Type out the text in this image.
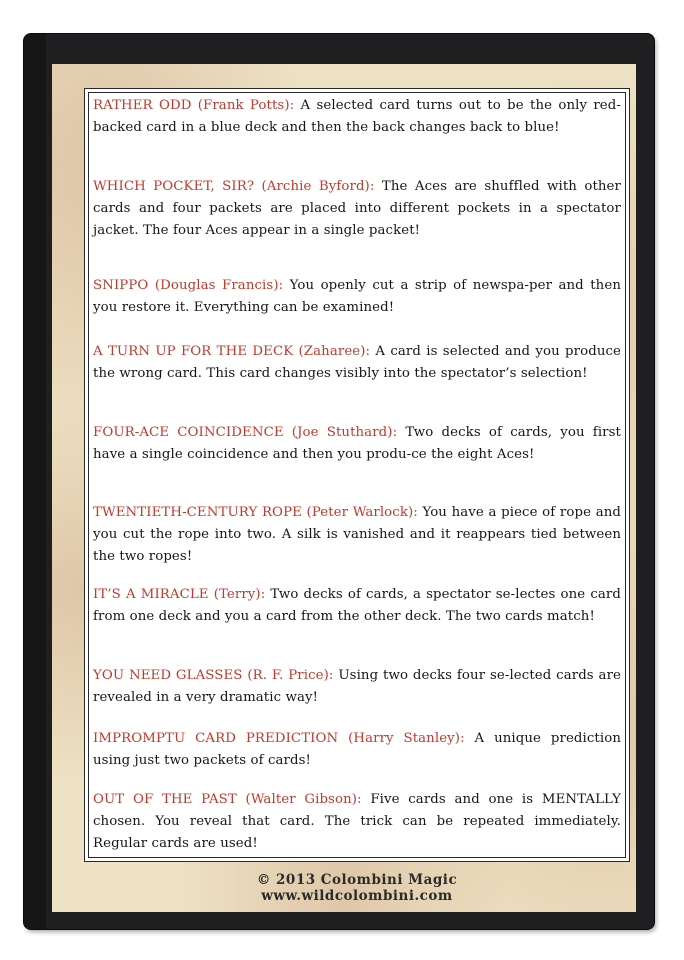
RATHER ODD (Frank Potts): A selected card turns out to be the only red-backed card in a blue deck and then the back changes back to blue!

WHICH POCKET, SIR? (Archie Byford): The Aces are shuffled with other cards and four packets are placed into different pockets in a spectator jacket. The four Aces appear in a single packet!

SNIPPO (Douglas Francis): You openly cut a strip of newspa-per and then you restore it. Everything can be examined!

A TURN UP FOR THE DECK (Zaharee): A card is selected and you produce the wrong card. This card changes visibly into the spectator’s selection!

FOUR-ACE COINCIDENCE (Joe Stuthard): Two decks of cards, you first have a single coincidence and then you produ-ce the eight Aces!

TWENTIETH-CENTURY ROPE (Peter Warlock): You have a piece of rope and you cut the rope into two. A silk is vanished and it reappears tied between the two ropes!

IT’S A MIRACLE (Terry): Two decks of cards, a spectator se-lectes one card from one deck and you a card from the other deck. The two cards match!

YOU NEED GLASSES (R. F. Price): Using two decks four se-lected cards are revealed in a very dramatic way!

IMPROMPTU CARD PREDICTION (Harry Stanley): A unique prediction using just two packets of cards!

OUT OF THE PAST (Walter Gibson): Five cards and one is MENTALLY chosen. You reveal that card. The trick can be repeated immediately. Regular cards are used!

© 2013 Colombini Magic
www.wildcolombini.com
